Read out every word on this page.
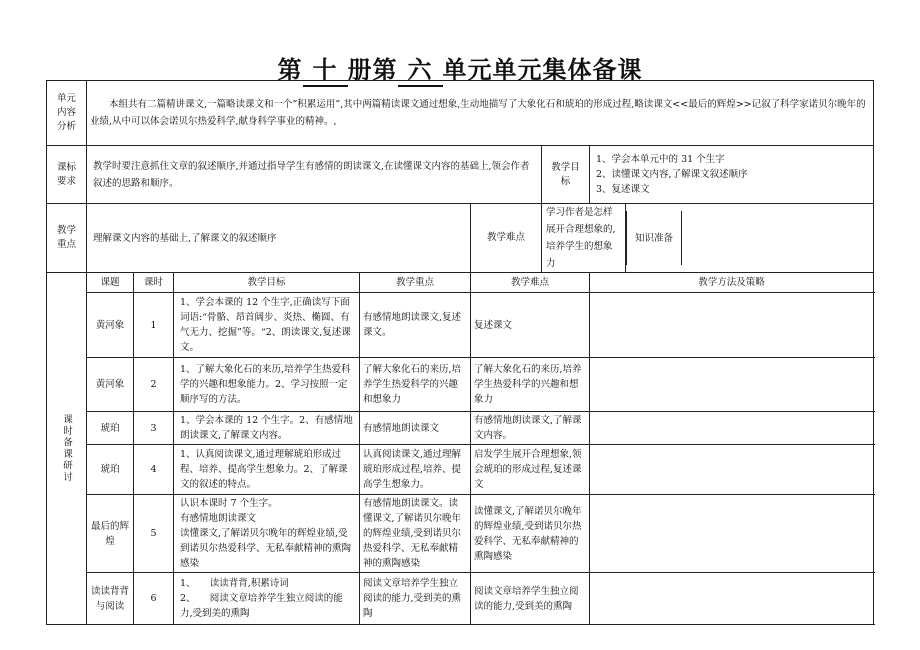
第 十 册第 六 单元单元集体备课
单元内容分析	本组共有二篇精讲课文,一篇略读课文和一个”积累运用”,其中两篇精读课文通过想象,生动地描写了大象化石和琥珀的形成过程,略读课文<<最后的辉煌>>记叙了科学家诺贝尔晚年的业绩,从中可以体会诺贝尔热爱科学,献身科学事业的精神。,							
课标要求	教学时要注意抓住文章的叙述顺序,并通过指导学生有感情的朗读课文,在读懂课文内容的基础上,领会作者叙述的思路和顺序。					教学目标	1、学会本单元中的 31 个生字
2、读懂课文内容,了解课文叙述顺序
3、复述课文	

教学重点	理解课文内容的基础上,了解课文的叙述顺序				教学难点	学习作者是怎样展开合理想象的,培养学生的想象力		知识准备

课时备课研讨	课题	课时	教学目标	教学重点	教学难点		教学方法及策略	
	黄河象	1	1、学会本课的 12 个生字,正确读写下面词语:“骨骼、昂首阔步、炎热、椭圆、有气无力、挖掘”等。“2、朗读课文,复述课文。	有感情地朗读课文,复述课文。	复述课文			
	黄河象	2	1、了解大象化石的来历,培养学生热爱科学的兴趣和想象能力。2、学习按照一定顺序写的方法。	了解大象化石的来历,培养学生热爱科学的兴趣和想象力	了解大象化石的来历,培养学生热爱科学的兴趣和想象力			
	琥珀	3	1、学会本课的 12 个生字。2、有感情地朗读课文,了解课文内容。	有感情地朗读课文	有感情地朗读课文,了解课文内容。			
	琥珀	4	1、认真阅读课文,通过理解琥珀形成过程、培养、提高学生想象力。2、了解课文的叙述的特点。	认真阅读课文,通过理解琥珀形成过程,培养、提高学生想象力。	启发学生展开合理想象,领会琥珀的形成过程,复述课文			
	最后的辉煌	5	认识本课时 7 个生字。
有感情地朗读课文
读懂课文,了解诺贝尔晚年的辉煌业绩,受到诺贝尔热爱科学、无私奉献精神的熏陶感染	有感情地朗读课文。读懂课文,了解诺贝尔晚年的辉煌业绩,受到诺贝尔热爱科学、无私奉献精神的熏陶感染	读懂课文,了解诺贝尔晚年的辉煌业绩,受到诺贝尔热爱科学、无私奉献精神的熏陶感染			
	读读背背与阅读	6	1、　　读读背背,积累诗词
2、　　阅读文章培养学生独立阅读的能力,受到美的熏陶	阅读文章培养学生独立阅读的能力,受到美的熏陶	阅读文章培养学生独立阅读的能力,受到美的熏陶			
